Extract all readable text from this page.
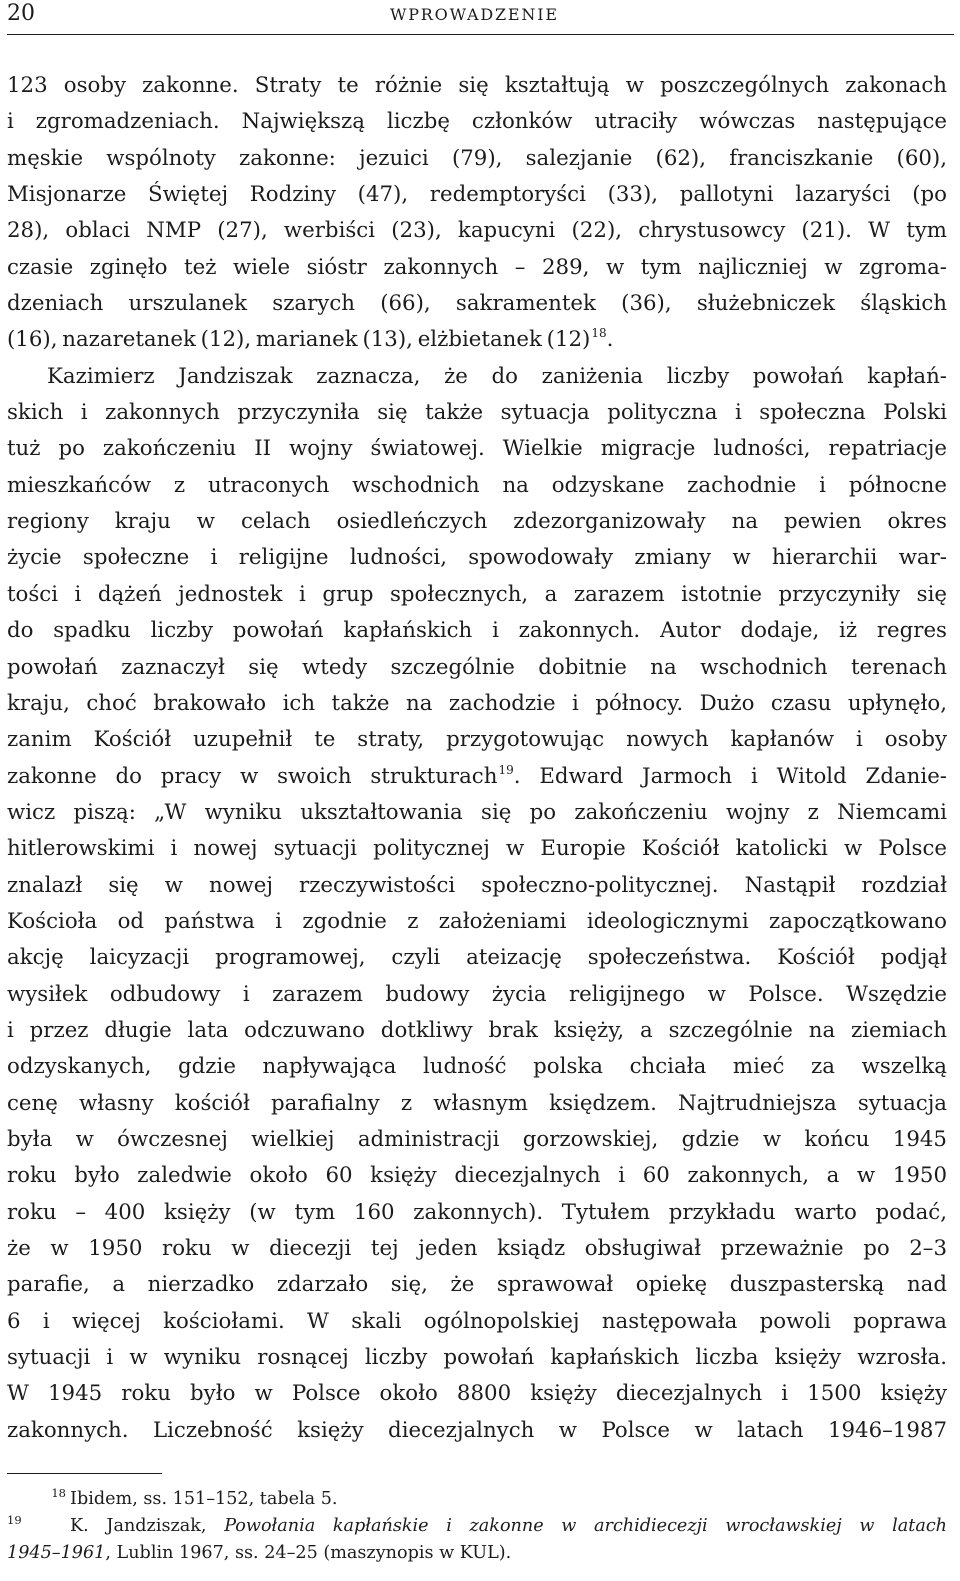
20	WPROWADZENIE
123 osoby zakonne. Straty te różnie się kształtują w poszczególnych zakonach
i zgromadzeniach. Największą liczbę członków utraciły wówczas następujące
męskie wspólnoty zakonne: jezuici (79), salezjanie (62), franciszkanie (60),
Misjonarze Świętej Rodziny (47), redemptoryści (33), pallotyni lazaryści (po
28), oblaci NMP (27), werbiści (23), kapucyni (22), chrystusowcy (21). W tym
czasie zginęło też wiele sióstr zakonnych – 289, w tym najliczniej w zgroma-
dzeniach urszulanek szarych (66), sakramentek (36), służebniczek śląskich
(16), nazaretanek (12), marianek (13), elżbietanek (12)$^{18}$.
Kazimierz Jandziszak zaznacza, że do zaniżenia liczby powołań kapłań-
skich i zakonnych przyczyniła się także sytuacja polityczna i społeczna Polski
tuż po zakończeniu II wojny światowej. Wielkie migracje ludności, repatriacje
mieszkańców z utraconych wschodnich na odzyskane zachodnie i północne
regiony kraju w celach osiedleńczych zdezorganizowały na pewien okres
życie społeczne i religijne ludności, spowodowały zmiany w hierarchii war-
tości i dążeń jednostek i grup społecznych, a zarazem istotnie przyczyniły się
do spadku liczby powołań kapłańskich i zakonnych. Autor dodaje, iż regres
powołań zaznaczył się wtedy szczególnie dobitnie na wschodnich terenach
kraju, choć brakowało ich także na zachodzie i północy. Dużo czasu upłynęło,
zanim Kościół uzupełnił te straty, przygotowując nowych kapłanów i osoby
zakonne do pracy w swoich strukturach$^{19}$. Edward Jarmoch i Witold Zdanie-
wicz piszą: „W wyniku ukształtowania się po zakończeniu wojny z Niemcami
hitlerowskimi i nowej sytuacji politycznej w Europie Kościół katolicki w Polsce
znalazł się w nowej rzeczywistości społeczno-politycznej. Nastąpił rozdział
Kościoła od państwa i zgodnie z założeniami ideologicznymi zapoczątkowano
akcję laicyzacji programowej, czyli ateizację społeczeństwa. Kościół podjął
wysiłek odbudowy i zarazem budowy życia religijnego w Polsce. Wszędzie
i przez długie lata odczuwano dotkliwy brak księży, a szczególnie na ziemiach
odzyskanych, gdzie napływająca ludność polska chciała mieć za wszelką
cenę własny kościół parafialny z własnym księdzem. Najtrudniejsza sytuacja
była w ówczesnej wielkiej administracji gorzowskiej, gdzie w końcu 1945
roku było zaledwie około 60 księży diecezjalnych i 60 zakonnych, a w 1950
roku – 400 księży (w tym 160 zakonnych). Tytułem przykładu warto podać,
że w 1950 roku w diecezji tej jeden ksiądz obsługiwał przeważnie po 2–3
parafie, a nierzadko zdarzało się, że sprawował opiekę duszpasterską nad
6 i więcej kościołami. W skali ogólnopolskiej następowała powoli poprawa
sytuacji i w wyniku rosnącej liczby powołań kapłańskich liczba księży wzrosła.
W 1945 roku było w Polsce około 8800 księży diecezjalnych i 1500 księży
zakonnych. Liczebność księży diecezjalnych w Polsce w latach 1946–1987
18 Ibidem, ss. 151–152, tabela 5.
19	K. Jandziszak, Powołania kapłańskie i zakonne w archidiecezji wrocławskiej w latach
1945–1961, Lublin 1967, ss. 24–25 (maszynopis w KUL).
